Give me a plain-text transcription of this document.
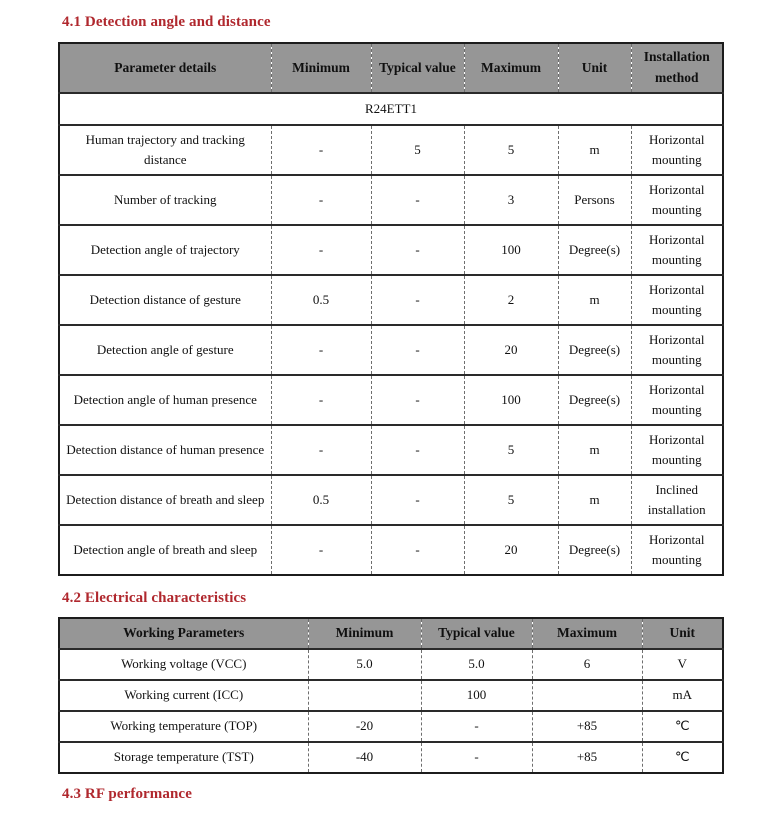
4.1 Detection angle and distance
Parameter details	Minimum	Typical value	Maximum	Unit	Installation method
R24ETT1					
Human trajectory and tracking distance	-	5	5	m	Horizontal mounting
Number of tracking	-	-	3	Persons	Horizontal mounting
Detection angle of trajectory	-	-	100	Degree(s)	Horizontal mounting
Detection distance of gesture	0.5	-	2	m	Horizontal mounting
Detection angle of gesture	-	-	20	Degree(s)	Horizontal mounting
Detection angle of human presence	-	-	100	Degree(s)	Horizontal mounting
Detection distance of human presence	-	-	5	m	Horizontal mounting
Detection distance of breath and sleep	0.5	-	5	m	Inclined installation
Detection angle of breath and sleep	-	-	20	Degree(s)	Horizontal mounting
4.2 Electrical characteristics
Working Parameters	Minimum	Typical value	Maximum	Unit
Working voltage (VCC)	5.0	5.0	6	V
Working current (ICC)		100		mA
Working temperature (TOP)	-20	-	+85	℃
Storage temperature (TST)	-40	-	+85	℃
4.3 RF performance
